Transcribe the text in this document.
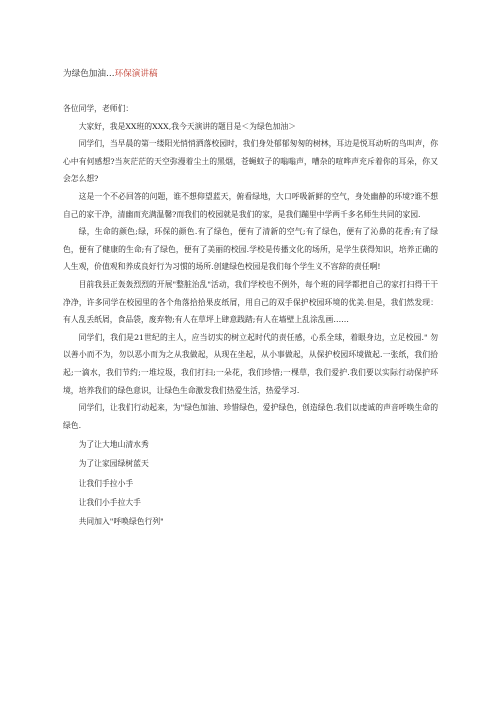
为绿色加油…环保演讲稿

各位同学，老师们：

大家好，我是XX班的XXX,我今天演讲的题目是＜为绿色加油＞

同学们，当早晨的第一缕阳光悄悄洒落校园时，我们身处郁郁匆匆的树林，耳边是悦耳动听的鸟叫声，你心中有何感想?当灰茫茫的天空弥漫着尘土的黑烟，苍蝇蚊子的嗡嗡声，嘈杂的喧哗声充斥着你的耳朵，你又会怎么想?

这是一个不必回答的问题，谁不想仰望蓝天，俯看绿地，大口呼吸新鲜的空气，身处幽静的环境?谁不想自己的家干净，清幽而充满温馨?而我们的校园就是我们的家，是我们蹦里中学两千多名师生共同的家园.

绿，生命的颜色;绿，环保的颜色.有了绿色，便有了清新的空气;有了绿色，便有了沁鼻的花香;有了绿色，便有了健康的生命;有了绿色，便有了美丽的校园.学校是传播文化的场所，是学生获得知识，培养正确的人生观，价值观和养成良好行为习惯的场所.创建绿色校园是我们每个学生义不容辞的责任啊!

目前我县正轰轰烈烈的开展"整脏治乱"活动，我们学校也不例外，每个班的同学都把自己的家打扫得干干净净，许多同学在校园里的各个角落拾拾果皮纸屑，用自己的双手保护校园环境的优美.但是，我们然发现：有人乱丢纸屑，食品袋，废弃物;有人在草坪上肆意践踏;有人在墙壁上乱涂乱画……

同学们，我们是21世纪的主人，应当切实的树立起时代的责任感，心系全球，着眼身边，立足校园." 勿以善小而不为，勿以恶小而为之从我做起，从现在坐起，从小事做起，从保护校园环境做起.一张纸，我们拾起;一滴水，我们节约;一堆垃圾，我们打扫;一朵花，我们珍惜;一棵草，我们爱护.我们要以实际行动保护环境，培养我们的绿色意识，让绿色生命激发我们热爱生活，热爱学习.

同学们，让我们行动起来，为"绿色加油、珍惜绿色，爱护绿色，创造绿色.我们以虔诚的声音呼唤生命的绿色.

为了让大地山清水秀

为了让家园绿树蓝天

让我们手拉小手

让我们小手拉大手

共同加入"呼唤绿色行列"
